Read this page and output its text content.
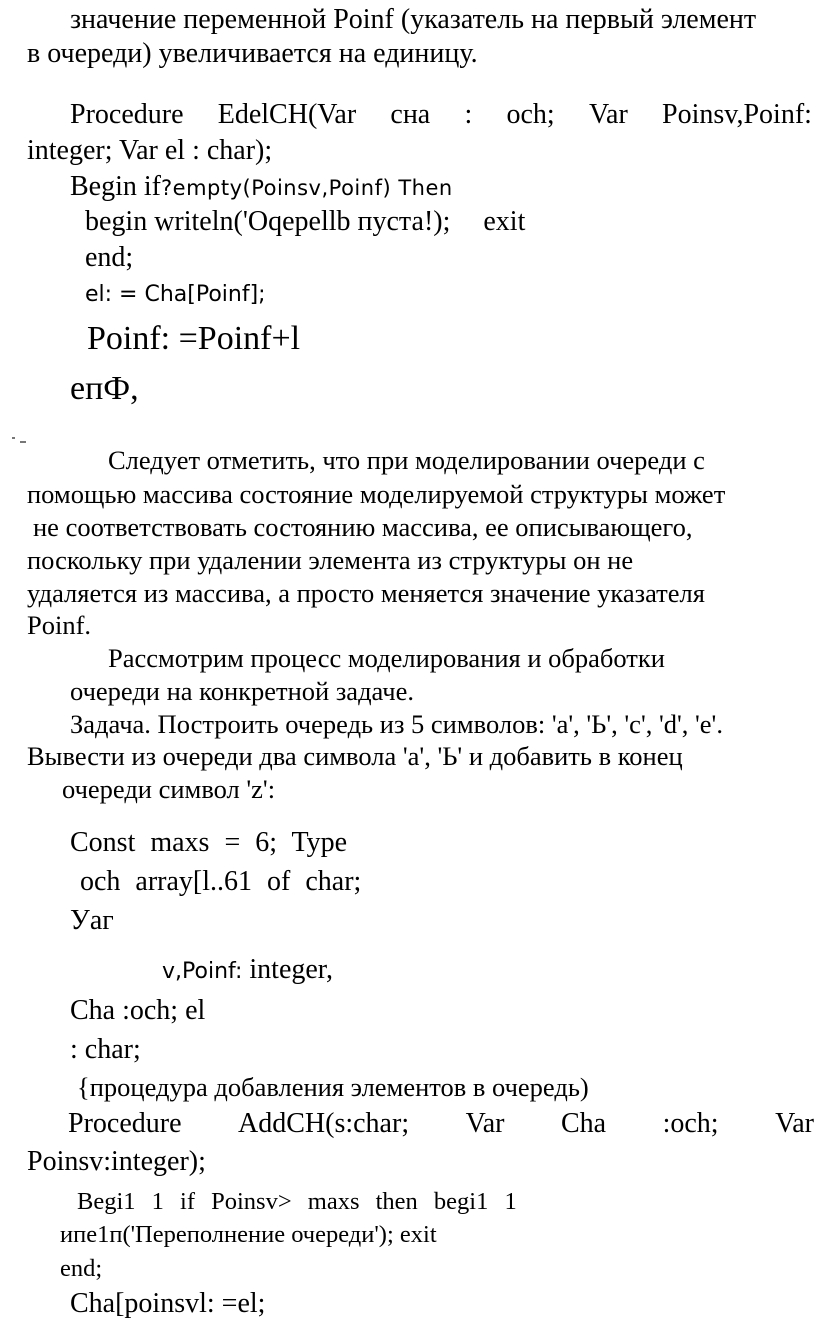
значение переменной Poinf (указатель на первый элемент
в очереди) увеличивается на единицу.
Procedure EdelCH(Var сна : och; Var Poinsv,Poinf:
integer; Var el : char);
Begin if?empty(Poinsv,Poinf) Then
begin writeln('Oqepellb пуста!); exit
end;
el: = Cha[Poinf];
Poinf: =Poinf+l
епФ,
Следует отметить, что при моделировании очереди с
помощью массива состояние моделируемой структуры может
не соответствовать состоянию массива, ее описывающего,
поскольку при удалении элемента из структуры он не
удаляется из массива, а просто меняется значение указателя
Poinf.
Рассмотрим процесс моделирования и обработки
очереди на конкретной задаче.
Задача. Построить очередь из 5 символов: 'а', 'Ь', 'с', 'd', 'е'.
Вывести из очереди два символа 'а', 'Ь' и добавить в конец
очереди символ 'z':
Const maxs = 6; Type
och array[l..61 of char;
Уаг
v,Poinf: integer,
Cha :och; el
: char;
{процедура добавления элементов в очередь)
Procedure AddCH(s:char; Var Cha :och; Var
Poinsv:integer);
Begi1 1 if Poinsv> maxs then begi1 1
ипе1п('Переполнение очереди'); exit
end;
Cha[poinsvl: =el;
